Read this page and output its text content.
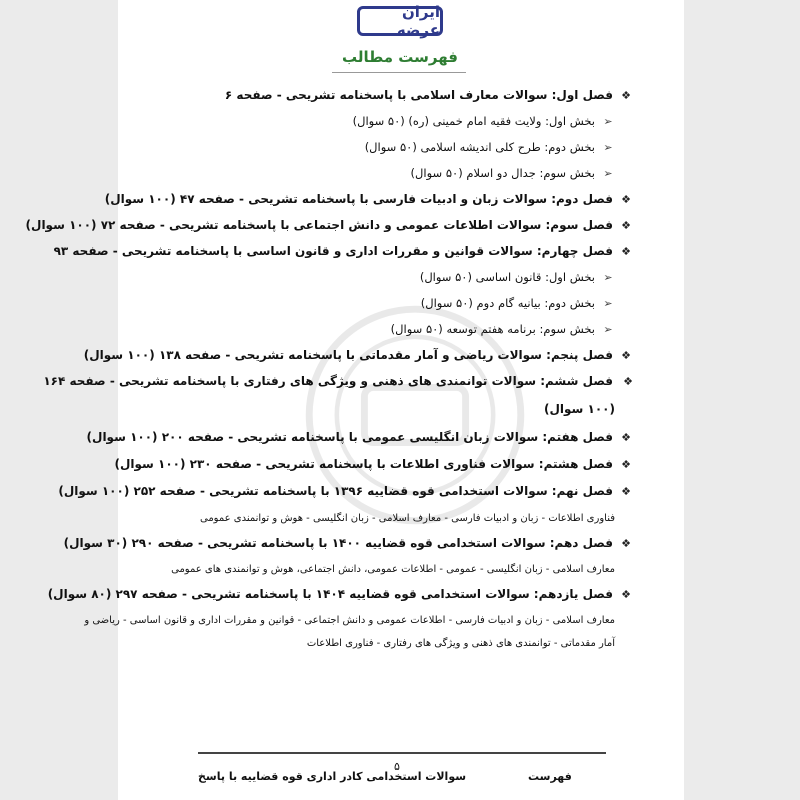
ایران عرضه
فهرست مطالب
❖فصل اول: سوالات معارف اسلامی با پاسخنامه تشریحی - صفحه ۶
➢بخش اول: ولایت فقیه امام خمینی (ره) (۵۰ سوال)
➢بخش دوم: طرح کلی اندیشه اسلامی (۵۰ سوال)
➢بخش سوم: جدال دو اسلام (۵۰ سوال)
❖فصل دوم: سوالات زبان و ادبیات فارسی با پاسخنامه تشریحی - صفحه ۴۷ (۱۰۰ سوال)
❖فصل سوم: سوالات اطلاعات عمومی و دانش اجتماعی با پاسخنامه تشریحی - صفحه ۷۲ (۱۰۰ سوال)
❖فصل چهارم: سوالات قوانین و مقررات اداری و قانون اساسی با پاسخنامه تشریحی - صفحه ۹۳
➢بخش اول: قانون اساسی (۵۰ سوال)
➢بخش دوم: بیانیه گام دوم (۵۰ سوال)
➢بخش سوم: برنامه هفتم توسعه (۵۰ سوال)
❖فصل پنجم: سوالات ریاضی و آمار مقدماتی با پاسخنامه تشریحی - صفحه ۱۳۸ (۱۰۰ سوال)
❖فصل ششم: سوالات توانمندی های ذهنی و ویژگی های رفتاری با پاسخنامه تشریحی - صفحه ۱۶۴
(۱۰۰ سوال)
❖فصل هفتم: سوالات زبان انگلیسی عمومی با پاسخنامه تشریحی - صفحه ۲۰۰ (۱۰۰ سوال)
❖فصل هشتم: سوالات فناوری اطلاعات با پاسخنامه تشریحی - صفحه ۲۳۰ (۱۰۰ سوال)
❖فصل نهم: سوالات استخدامی قوه قضاییه ۱۳۹۶ با پاسخنامه تشریحی - صفحه ۲۵۲ (۱۰۰ سوال)
فناوری اطلاعات - زبان و ادبیات فارسی - معارف اسلامی - زبان انگلیسی - هوش و توانمندی عمومی
❖فصل دهم: سوالات استخدامی قوه قضاییه ۱۴۰۰ با پاسخنامه تشریحی - صفحه ۲۹۰ (۳۰ سوال)
معارف اسلامی - زبان انگلیسی - عمومی - اطلاعات عمومی، دانش اجتماعی، هوش و توانمندی های عمومی
❖فصل یازدهم: سوالات استخدامی قوه قضاییه ۱۴۰۴ با پاسخنامه تشریحی - صفحه ۲۹۷ (۸۰ سوال)
معارف اسلامی - زبان و ادبیات فارسی - اطلاعات عمومی و دانش اجتماعی - قوانین و مقررات اداری و قانون اساسی - ریاضی و
آمار مقدماتی - توانمندی های ذهنی و ویژگی های رفتاری - فناوری اطلاعات
۵
سوالات استخدامی کادر اداری قوه قضاییه با پاسخ	فهرست
